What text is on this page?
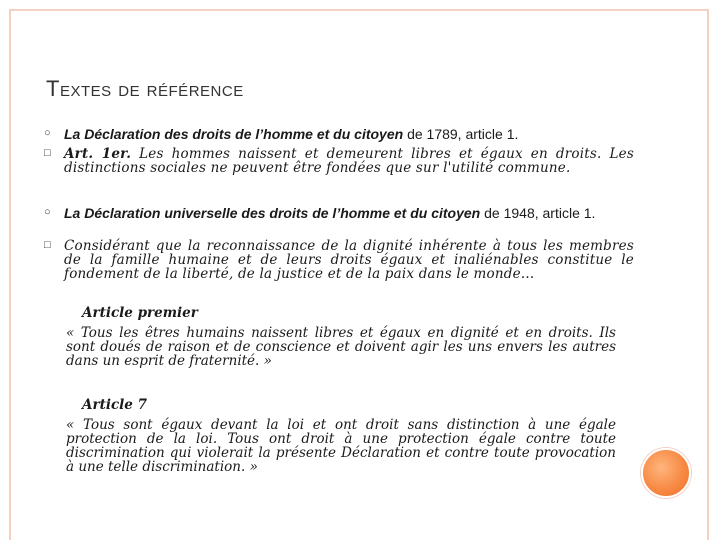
Textes de référence
○ La Déclaration des droits de l’homme et du citoyen de 1789, article 1.
□ Art. 1er. Les hommes naissent et demeurent libres et égaux en droits. Les distinctions sociales ne peuvent être fondées que sur l'utilité commune.
○ La Déclaration universelle des droits de l’homme et du citoyen de 1948, article 1.
□ Considérant que la reconnaissance de la dignité inhérente à tous les membres de la famille humaine et de leurs droits égaux et inaliénables constitue le fondement de la liberté, de la justice et de la paix dans le monde…
Article premier
« Tous les êtres humains naissent libres et égaux en dignité et en droits. Ils sont doués de raison et de conscience et doivent agir les uns envers les autres dans un esprit de fraternité. »
Article 7
« Tous sont égaux devant la loi et ont droit sans distinction à une égale protection de la loi. Tous ont droit à une protection égale contre toute discrimination qui violerait la présente Déclaration et contre toute provocation à une telle discrimination. »
